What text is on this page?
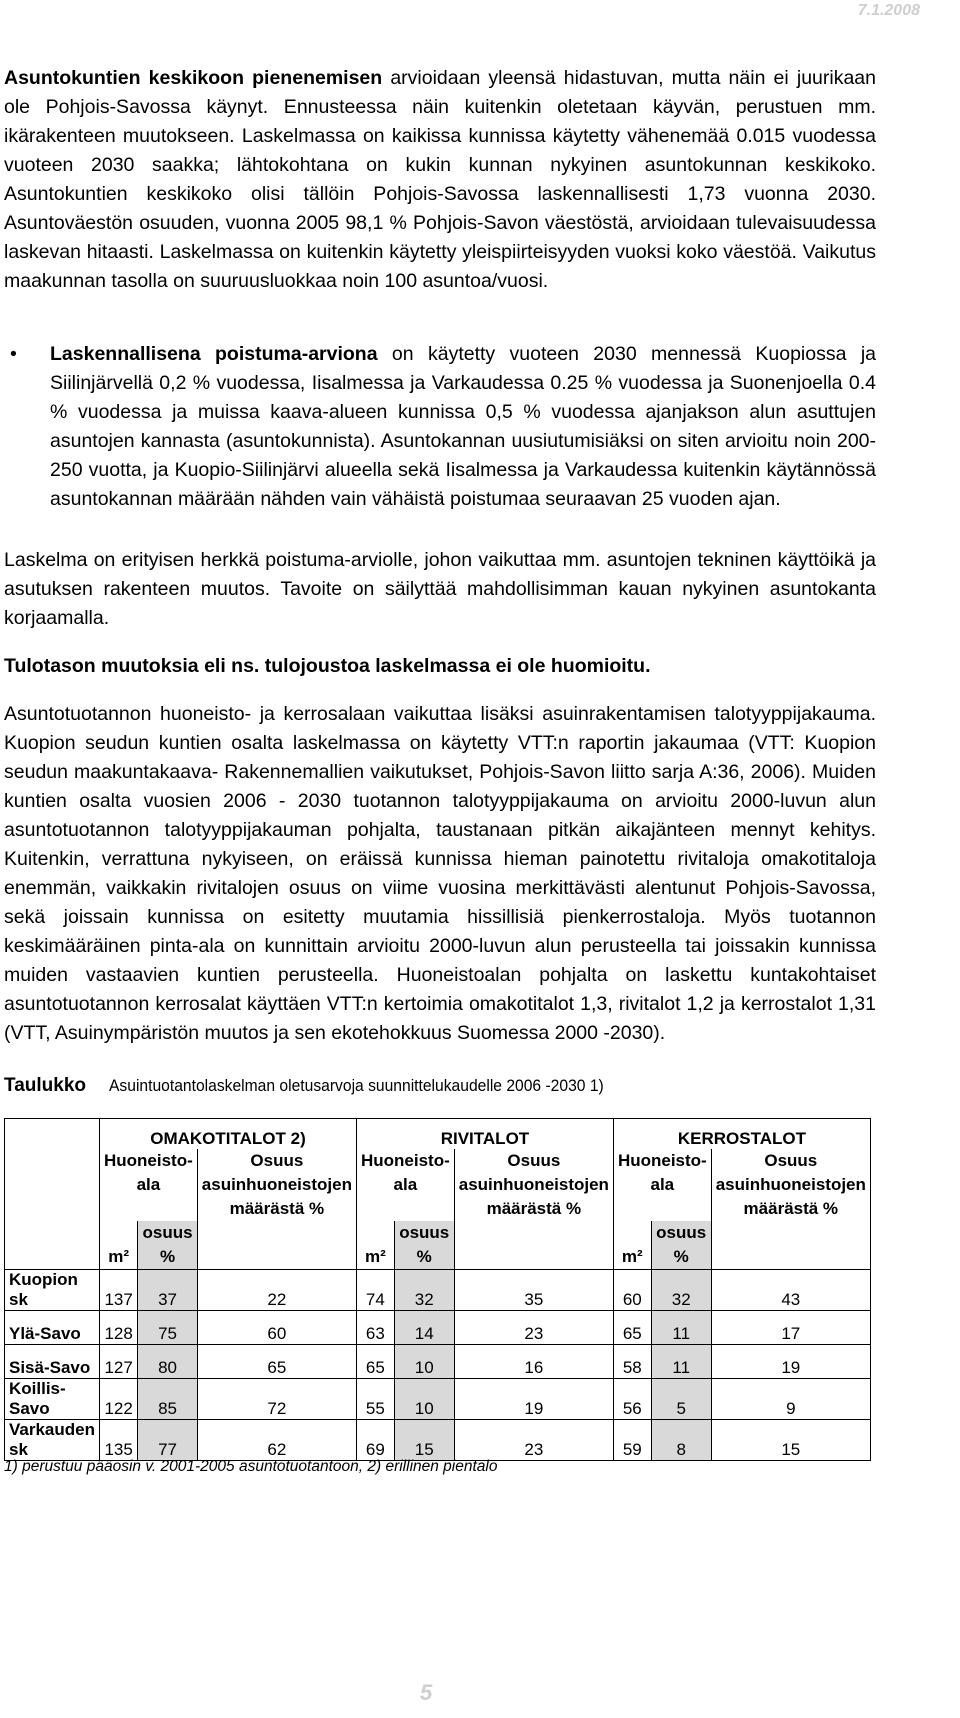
7.1.2008

Asuntokuntien keskikoon pienenemisen arvioidaan yleensä hidastuvan, mutta näin ei juurikaan ole Pohjois-Savossa käynyt. Ennusteessa näin kuitenkin oletetaan käyvän, perustuen mm. ikärakenteen muutokseen. Laskelmassa on kaikissa kunnissa käytetty vähenemää 0.015 vuodessa vuoteen 2030 saakka; lähtokohtana on kukin kunnan nykyinen asuntokunnan keskikoko. Asuntokuntien keskikoko olisi tällöin Pohjois-Savossa laskennallisesti 1,73 vuonna 2030. Asuntoväestön osuuden, vuonna 2005 98,1 % Pohjois-Savon väestöstä, arvioidaan tulevaisuudessa laskevan hitaasti. Laskelmassa on kuitenkin käytetty yleispiirteisyyden vuoksi koko väestöä. Vaikutus maakunnan tasolla on suuruusluokkaa noin 100 asuntoa/vuosi.

• Laskennallisena poistuma-arviona on käytetty vuoteen 2030 mennessä Kuopiossa ja Siilinjärvellä 0,2 % vuodessa, Iisalmessa ja Varkaudessa 0.25 % vuodessa ja Suonenjoella 0.4 % vuodessa ja muissa kaava-alueen kunnissa 0,5 % vuodessa ajanjakson alun asuttujen asuntojen kannasta (asuntokunnista). Asuntokannan uusiutumisiäksi on siten arvioitu noin 200-250 vuotta, ja Kuopio-Siilinjärvi alueella sekä Iisalmessa ja Varkaudessa kuitenkin käytännössä asuntokannan määrään nähden vain vähäistä poistumaa seuraavan 25 vuoden ajan.

Laskelma on erityisen herkkä poistuma-arviolle, johon vaikuttaa mm. asuntojen tekninen käyttöikä ja asutuksen rakenteen muutos. Tavoite on säilyttää mahdollisimman kauan nykyinen asuntokanta korjaamalla.

Tulotason muutoksia eli ns. tulojoustoa laskelmassa ei ole huomioitu.

Asuntotuotannon huoneisto- ja kerrosalaan vaikuttaa lisäksi asuinrakentamisen talotyyppijakauma. Kuopion seudun kuntien osalta laskelmassa on käytetty VTT:n raportin jakaumaa (VTT: Kuopion seudun maakuntakaava- Rakennemallien vaikutukset, Pohjois-Savon liitto sarja A:36, 2006). Muiden kuntien osalta vuosien 2006 - 2030 tuotannon talotyyppijakauma on arvioitu 2000-luvun alun asuntotuotannon talotyyppijakauman pohjalta, taustanaan pitkän aikajänteen mennyt kehitys. Kuitenkin, verrattuna nykyiseen, on eräissä kunnissa hieman painotettu rivitaloja omakotitaloja enemmän, vaikkakin rivitalojen osuus on viime vuosina merkittävästi alentunut Pohjois-Savossa, sekä joissain kunnissa on esitetty muutamia hissillisiä pienkerrostaloja. Myös tuotannon keskimääräinen pinta-ala on kunnittain arvioitu 2000-luvun alun perusteella tai joissakin kunnissa muiden vastaavien kuntien perusteella. Huoneistoalan pohjalta on laskettu kuntakohtaiset asuntotuotannon kerrosalat käyttäen VTT:n kertoimia omakotitalot 1,3, rivitalot 1,2 ja kerrostalot 1,31 (VTT, Asuinympäristön muutos ja sen ekotehokkuus Suomessa 2000 -2030).

Taulukko Asuintuotantolaskelman oletusarvoja suunnittelukaudelle 2006 -2030 1)
	OMAKOTITALOT 2)			RIVITALOT			KERROSTALOT		
	Huoneisto-ala		Osuus asuinhuoneistojen määrästä %	Huoneisto-ala		Osuus asuinhuoneistojen määrästä %	Huoneisto-ala		Osuus asuinhuoneistojen määrästä %
	m²	osuus %		m²	osuus %		m²	osuus %	
Kuopion sk	137	37	22	74	32	35	60	32	43
Ylä-Savo	128	75	60	63	14	23	65	11	17
Sisä-Savo	127	80	65	65	10	16	58	11	19
Koillis-Savo	122	85	72	55	10	19	56	5	9
Varkauden sk	135	77	62	69	15	23	59	8	15
1) perustuu pääosin v. 2001-2005 asuntotuotantoon, 2) erillinen pientalo
5
